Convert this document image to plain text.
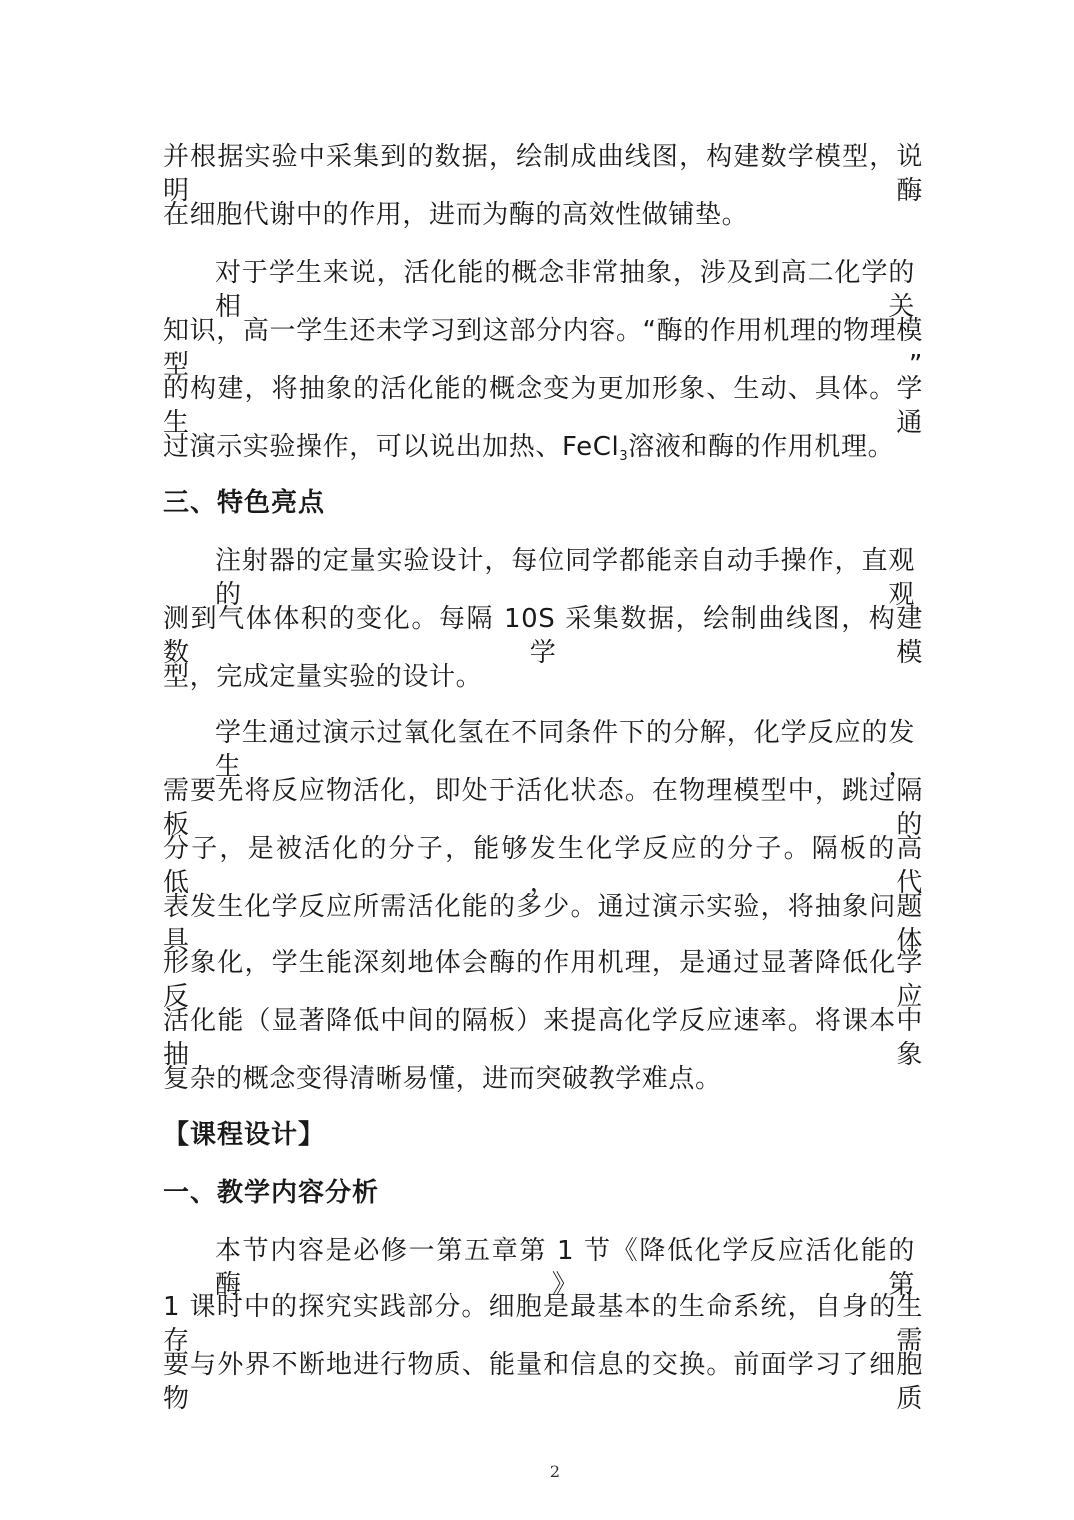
并根据实验中采集到的数据，绘制成曲线图，构建数学模型，说明酶
在细胞代谢中的作用，进而为酶的高效性做铺垫。
对于学生来说，活化能的概念非常抽象，涉及到高二化学的相关
知识，高一学生还未学习到这部分内容。“酶的作用机理的物理模型”
的构建，将抽象的活化能的概念变为更加形象、生动、具体。学生通
过演示实验操作，可以说出加热、FeCl$_3$溶液和酶的作用机理。
三、特色亮点
注射器的定量实验设计，每位同学都能亲自动手操作，直观的观
测到气体体积的变化。每隔 10S 采集数据，绘制曲线图，构建数学模
型，完成定量实验的设计。
学生通过演示过氧化氢在不同条件下的分解，化学反应的发生，
需要先将反应物活化，即处于活化状态。在物理模型中，跳过隔板的
分子，是被活化的分子，能够发生化学反应的分子。隔板的高低，代
表发生化学反应所需活化能的多少。通过演示实验，将抽象问题具体
形象化，学生能深刻地体会酶的作用机理，是通过显著降低化学反应
活化能（显著降低中间的隔板）来提高化学反应速率。将课本中抽象
复杂的概念变得清晰易懂，进而突破教学难点。
【课程设计】
一、教学内容分析
本节内容是必修一第五章第 1 节《降低化学反应活化能的酶》第
1 课时中的探究实践部分。细胞是最基本的生命系统，自身的生存需
要与外界不断地进行物质、能量和信息的交换。前面学习了细胞物质
2
